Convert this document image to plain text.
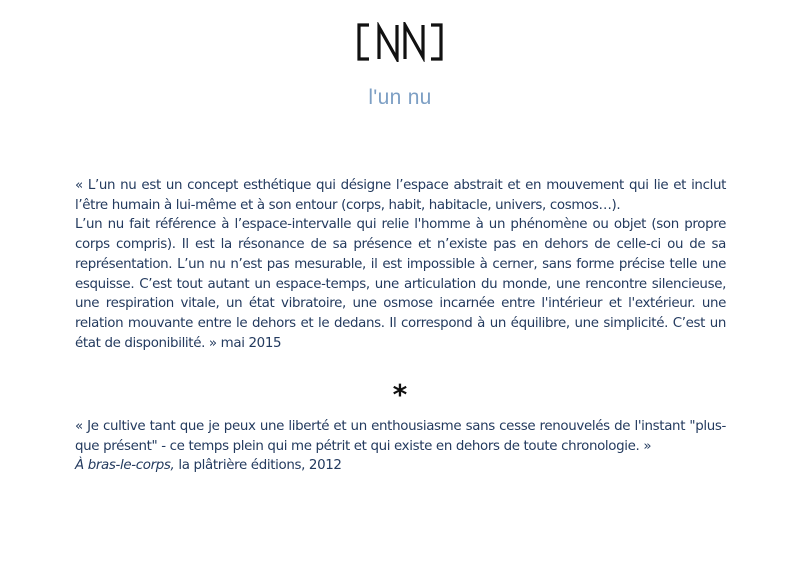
l'un nu

« L’un nu est un concept esthétique qui désigne l’espace abstrait et en mouvement qui lie et inclut l’être humain à lui-même et à son entour (corps, habit, habitacle, univers, cosmos…).

L’un nu fait référence à l’espace-intervalle qui relie l'homme à un phénomène ou objet (son propre corps compris). Il est la résonance de sa présence et n’existe pas en dehors de celle-ci ou de sa représentation. L’un nu n’est pas mesurable, il est impossible à cerner, sans forme précise telle une esquisse. C’est tout autant un espace-temps, une articulation du monde, une rencontre silencieuse, une respiration vitale, un état vibratoire, une osmose incarnée entre l'intérieur et l'extérieur. une relation mouvante entre le dehors et le dedans. Il correspond à un équilibre, une simplicité. C’est un état de disponibilité. » mai 2015

*

« Je cultive tant que je peux une liberté et un enthousiasme sans cesse renouvelés de l'instant "plus-que présent" - ce temps plein qui me pétrit et qui existe en dehors de toute chronologie. »

À bras-le-corps, la plâtrière éditions, 2012
